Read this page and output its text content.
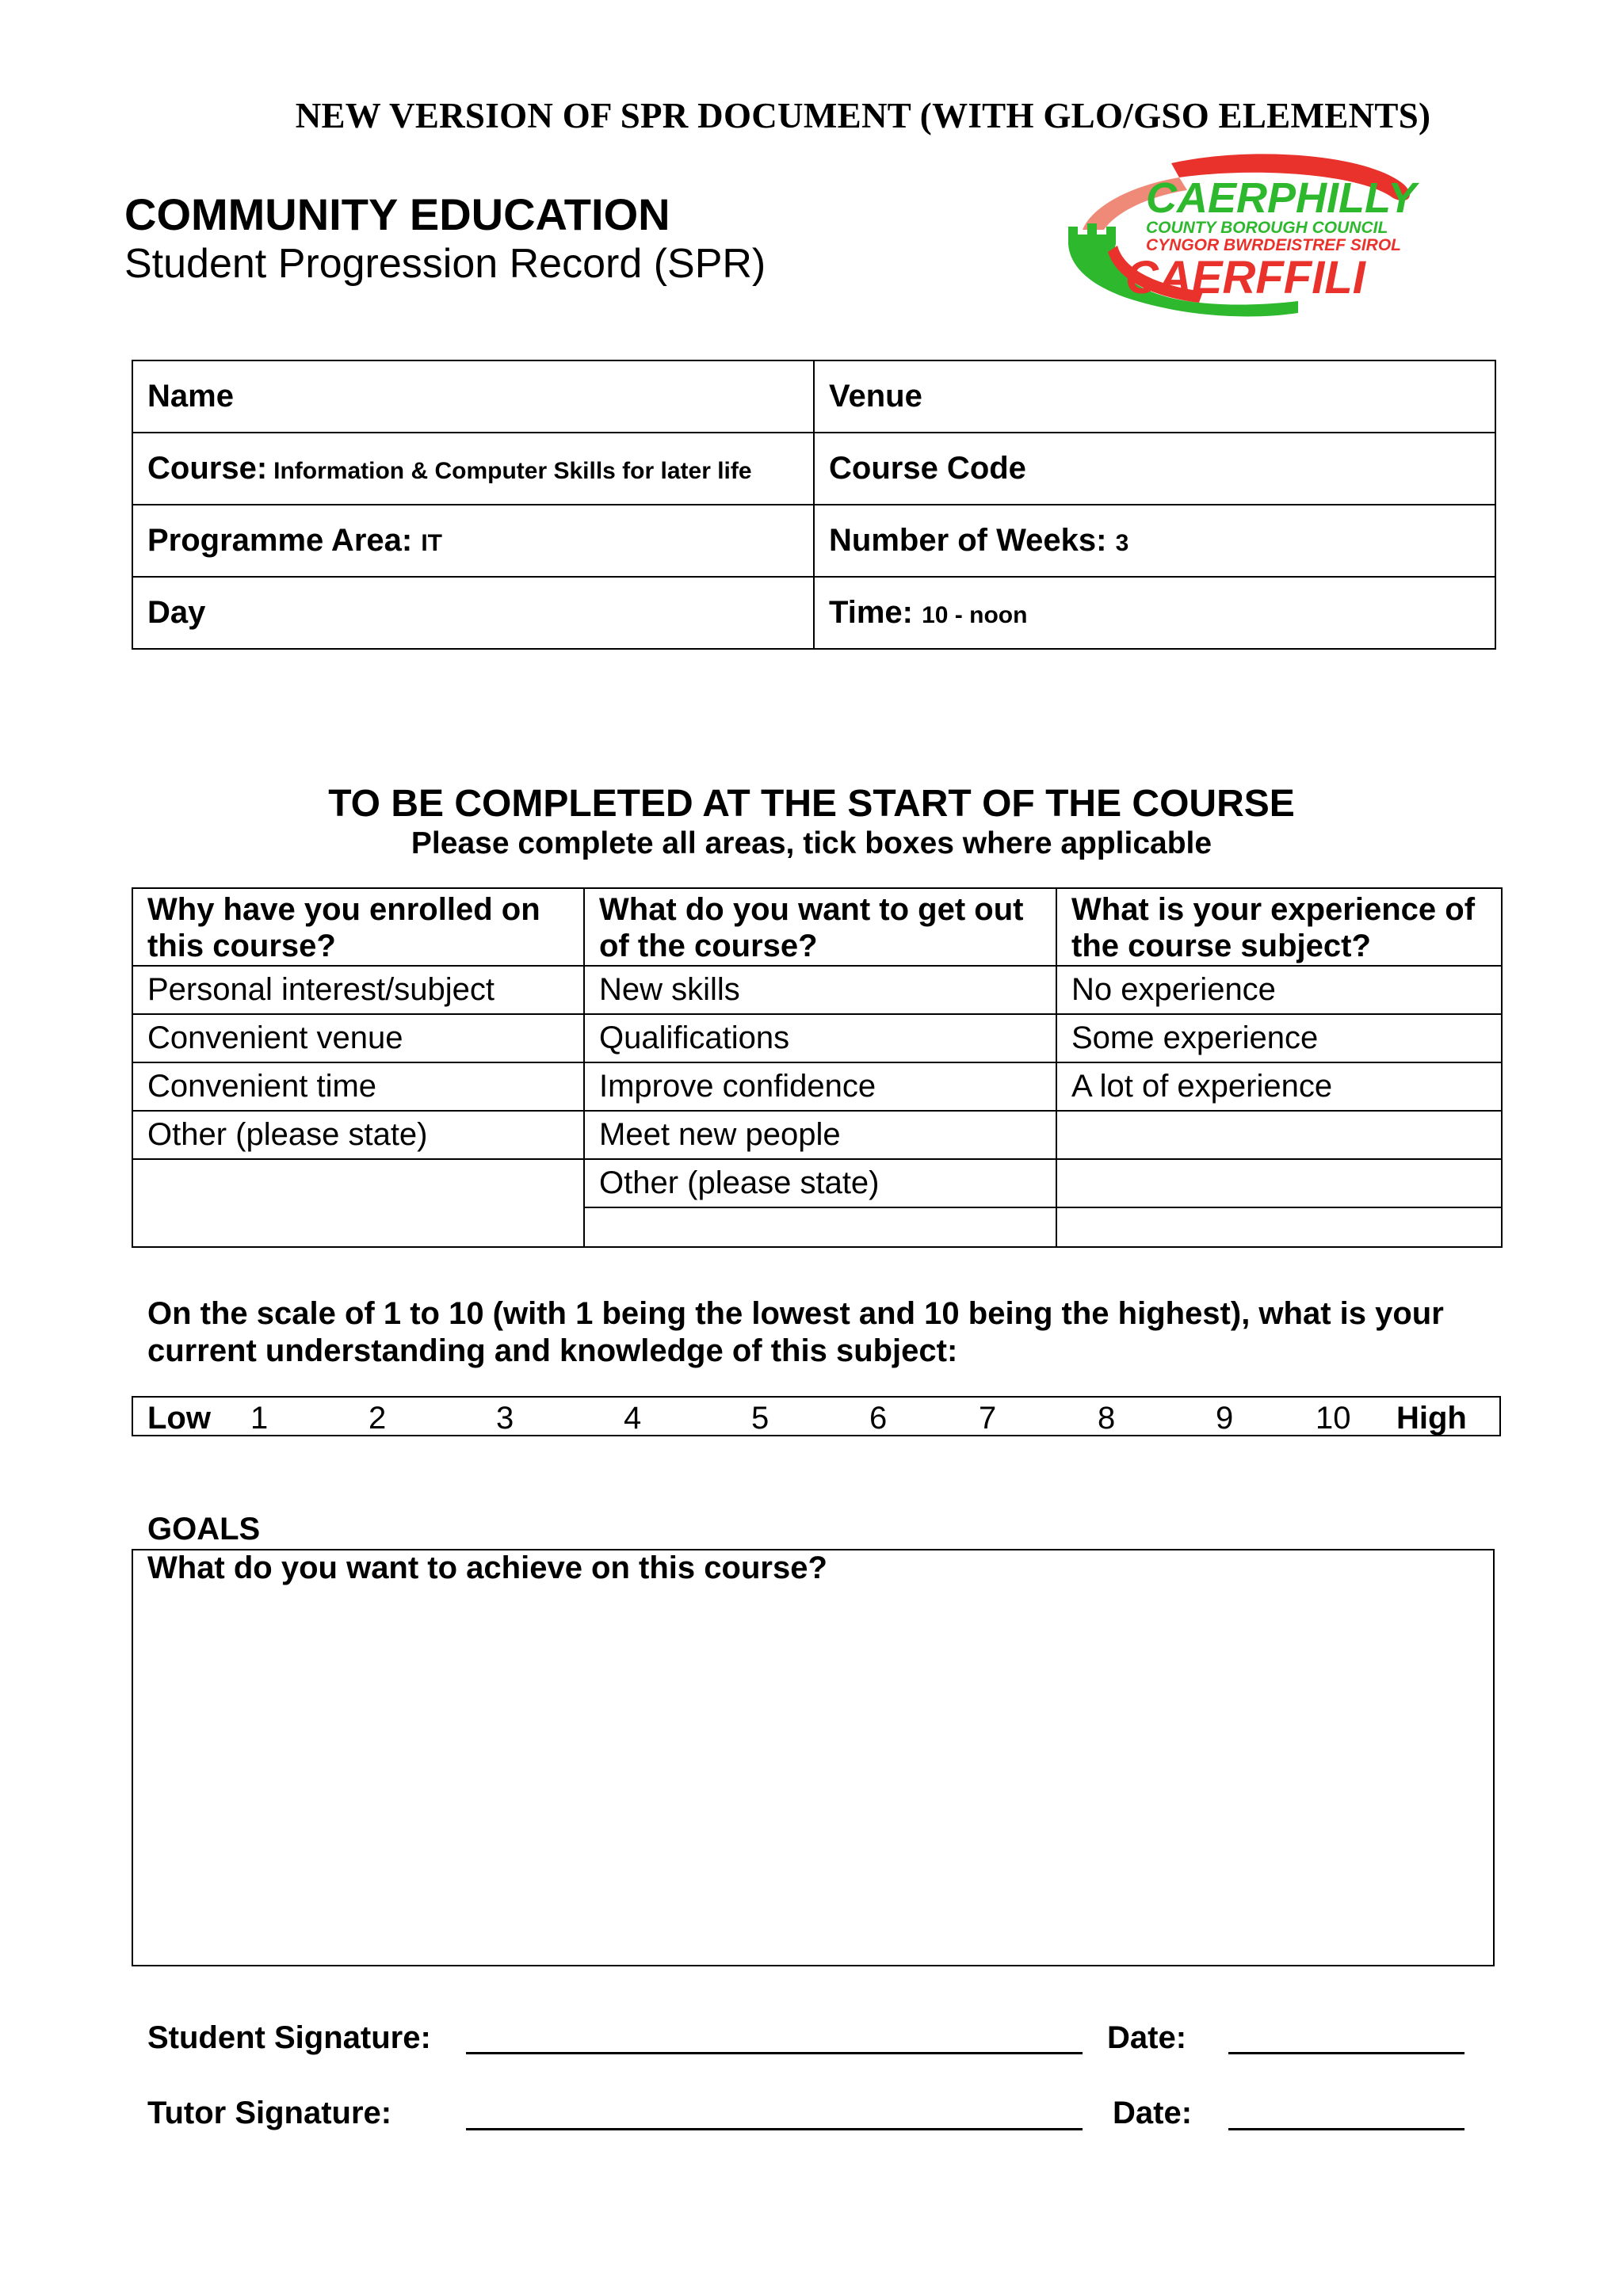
NEW VERSION OF SPR DOCUMENT (WITH GLO/GSO ELEMENTS)
COMMUNITY EDUCATION
Student Progression Record (SPR)
CAERPHILLY
COUNTY BOROUGH COUNCIL
CYNGOR BWRDEISTREF SIROL
CAERFFILI
Name	Venue
Course: Information & Computer Skills for later life	Course Code
Programme Area: IT	Number of Weeks: 3
Day	Time: 10 - noon
TO BE COMPLETED AT THE START OF THE COURSE
Please complete all areas, tick boxes where applicable
Why have you enrolled on this course?	What do you want to get out of the course?	What is your experience of the course subject?
Personal interest/subject	New skills	No experience
Convenient venue	Qualifications	Some experience
Convenient time	Improve confidence	A lot of experience
Other (please state)	Meet new people	
	Other (please state)	

On the scale of 1 to 10 (with 1 being the lowest and 10 being the highest), what is your current understanding and knowledge of this subject:
Low 1	2	3	4	5	6	7	8	9	10 High
GOALS
What do you want to achieve on this course?
Student Signature:	Date:
Tutor Signature:	Date:
